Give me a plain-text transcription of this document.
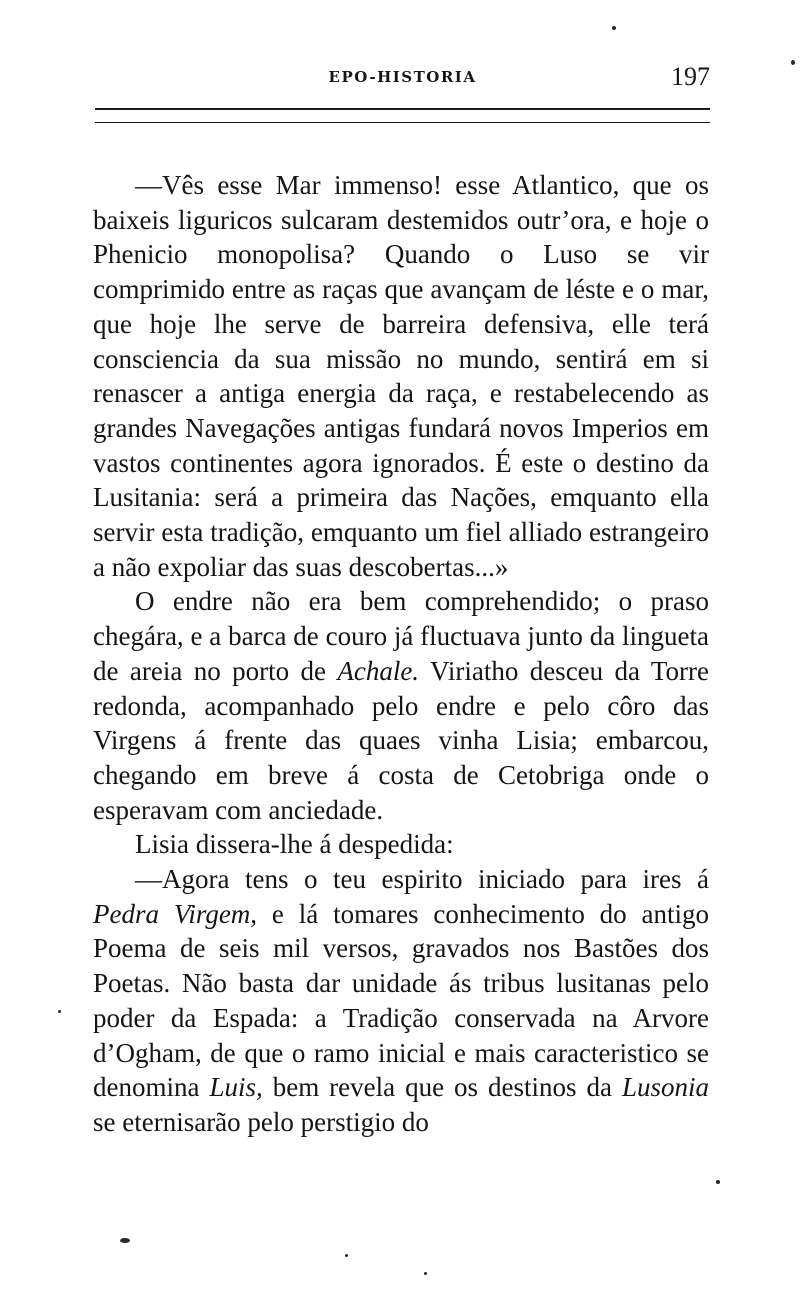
EPO-HISTORIA	197

—Vês esse Mar immenso! esse Atlantico, que os baixeis liguricos sulcaram destemidos outr’ora, e hoje o Phenicio monopolisa? Quando o Luso se vir comprimido entre as raças que avançam de léste e o mar, que hoje lhe serve de barreira defensiva, elle terá consciencia da sua missão no mundo, sentirá em si renascer a antiga energia da raça, e restabelecendo as grandes Navegações antigas fundará novos Imperios em vastos continentes agora ignorados. É este o destino da Lusitania: será a primeira das Nações, emquanto ella servir esta tradição, emquanto um fiel alliado estrangeiro a não expoliar das suas descobertas...»

O endre não era bem comprehendido; o praso chegára, e a barca de couro já fluctuava junto da lingueta de areia no porto de Achale. Viriatho desceu da Torre redonda, acompanhado pelo endre e pelo côro das Virgens á frente das quaes vinha Lisia; embarcou, chegando em breve á costa de Cetobriga onde o esperavam com anciedade.

Lisia dissera-lhe á despedida:

—Agora tens o teu espirito iniciado para ires á Pedra Virgem, e lá tomares conhecimento do antigo Poema de seis mil versos, gravados nos Bastões dos Poetas. Não basta dar unidade ás tribus lusitanas pelo poder da Espada: a Tradição conservada na Arvore d’Ogham, de que o ramo inicial e mais caracteristico se denomina Luis, bem revela que os destinos da Lusonia se eternisarão pelo perstigio do
